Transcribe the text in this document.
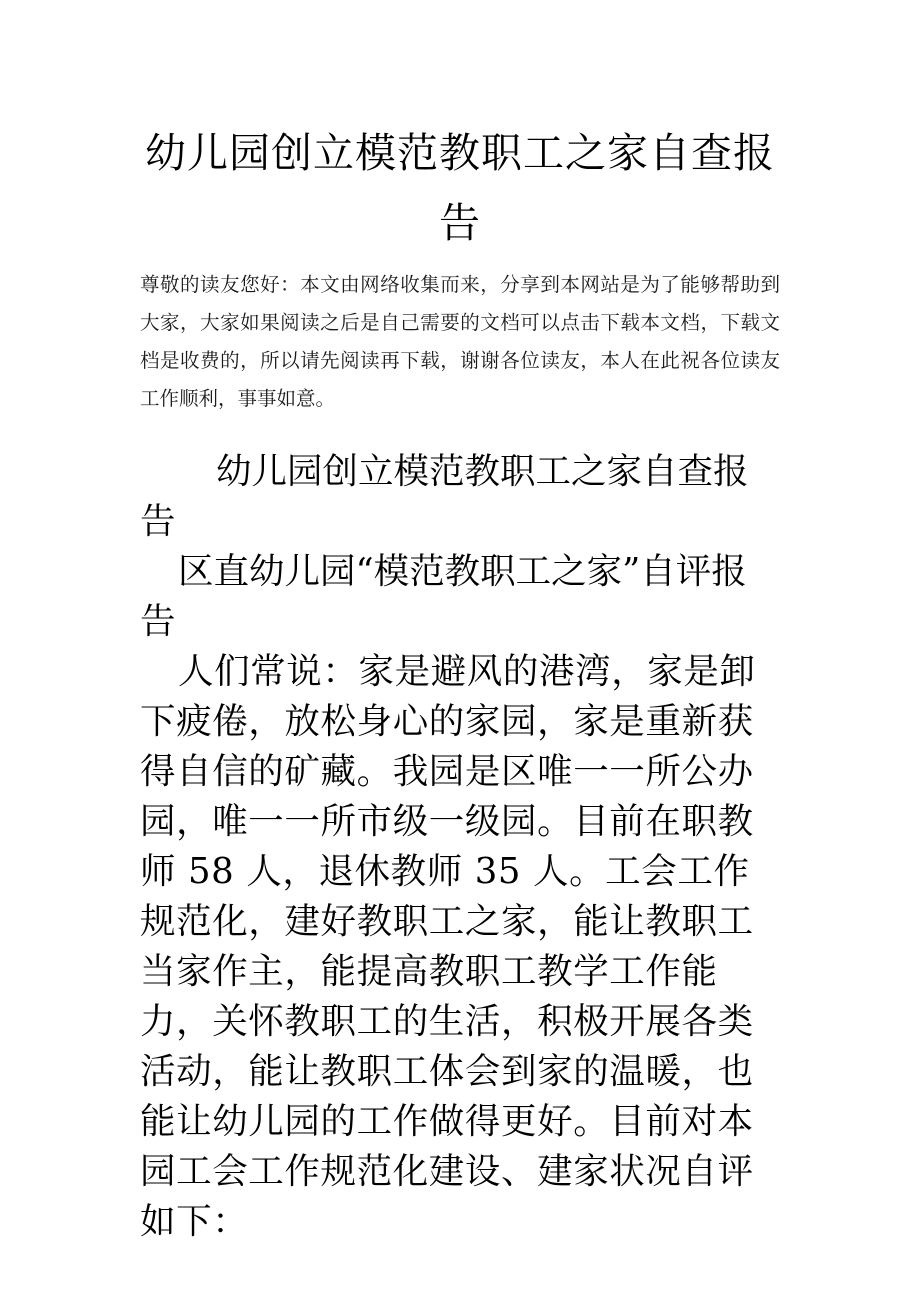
幼儿园创立模范教职工之家自查报告

尊敬的读友您好：本文由网络收集而来，分享到本网站是为了能够帮助到大家，大家如果阅读之后是自己需要的文档可以点击下载本文档，下载文档是收费的，所以请先阅读再下载，谢谢各位读友，本人在此祝各位读友工作顺利，事事如意。

幼儿园创立模范教职工之家自查报告

区直幼儿园“模范教职工之家”自评报告

人们常说：家是避风的港湾，家是卸下疲倦，放松身心的家园，家是重新获得自信的矿藏。我园是区唯一一所公办园，唯一一所市级一级园。目前在职教师 58 人，退休教师 35 人。工会工作规范化，建好教职工之家，能让教职工当家作主，能提高教职工教学工作能力，关怀教职工的生活，积极开展各类活动，能让教职工体会到家的温暖，也能让幼儿园的工作做得更好。目前对本园工会工作规范化建设、建家状况自评如下：
